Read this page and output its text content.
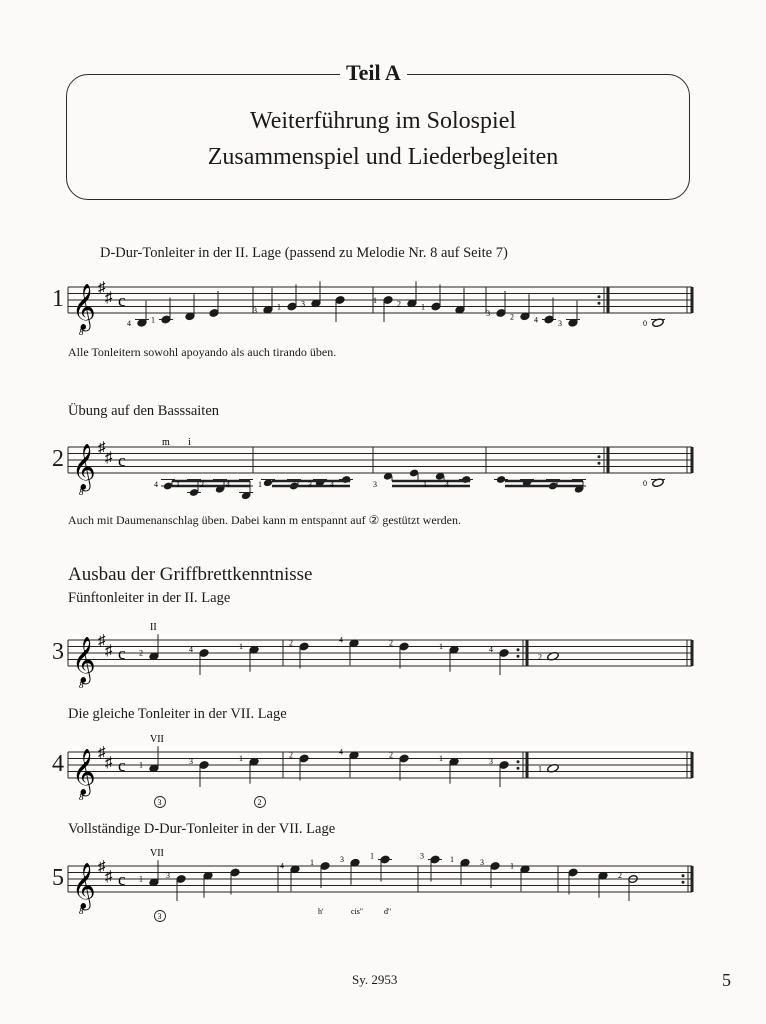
Teil A
Weiterführung im Solospiel
Zusammenspiel und Liederbegleiten
D-Dur-Tonleiter in der II. Lage (passend zu Melodie Nr. 8 auf Seite 7)
1 𝄞
8
♯
♯ c
4	1
3	1	3	1	2	1
3	2	4	3	0
Alle Tonleitern sowohl apoyando als auch tirando üben.
Übung auf den Basssaiten
2 𝄞
8
♯
♯ c
m i
4 1	2	4	1	3 4	3	1 4	0
Auch mit Daumenanschlag üben. Dabei kann m entspannt auf ② gestützt werden.
Ausbau der Griffbrettkenntnisse
Fünftonleiter in der II. Lage
3 𝄞
8
♯
♯ c
II
2	4	1	2	4	2	1	4
2
Die gleiche Tonleiter in der VII. Lage
4 𝄞
8
♯
♯ c
VII
1	3	1	2	4	2	1	3
1
3	2
Vollständige D-Dur-Tonleiter in der VII. Lage
5 𝄞
8
♯
♯ c
VII
1	3
4	1	3	1	3	1	3	1
2
h'	cis''	d''
3
Sy. 2953	5
